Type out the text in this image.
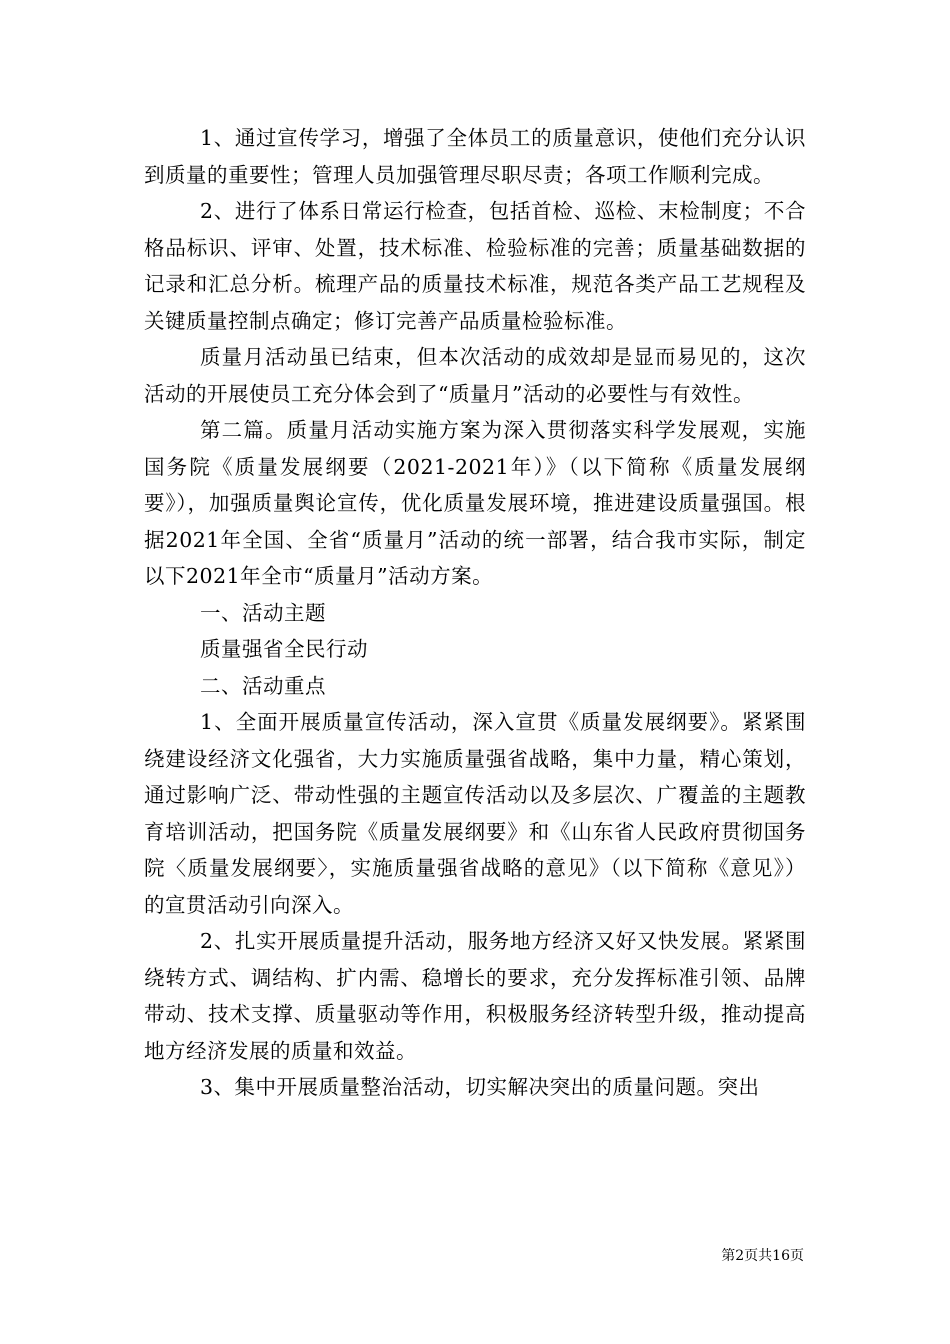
1、通过宣传学习，增强了全体员工的质量意识，使他们充分认识到质量的重要性；管理人员加强管理尽职尽责；各项工作顺利完成。

2、进行了体系日常运行检查，包括首检、巡检、末检制度；不合格品标识、评审、处置，技术标准、检验标准的完善；质量基础数据的记录和汇总分析。梳理产品的质量技术标准，规范各类产品工艺规程及关键质量控制点确定；修订完善产品质量检验标准。

质量月活动虽已结束，但本次活动的成效却是显而易见的，这次活动的开展使员工充分体会到了“质量月”活动的必要性与有效性。

第二篇。质量月活动实施方案为深入贯彻落实科学发展观，实施国务院《质量发展纲要（2021-2021年）》（以下简称《质量发展纲要》），加强质量舆论宣传，优化质量发展环境，推进建设质量强国。根据2021年全国、全省“质量月”活动的统一部署，结合我市实际，制定以下2021年全市“质量月”活动方案。

一、活动主题

质量强省全民行动

二、活动重点

1、全面开展质量宣传活动，深入宣贯《质量发展纲要》。紧紧围绕建设经济文化强省，大力实施质量强省战略，集中力量，精心策划，通过影响广泛、带动性强的主题宣传活动以及多层次、广覆盖的主题教育培训活动，把国务院《质量发展纲要》和《山东省人民政府贯彻国务院〈质量发展纲要〉，实施质量强省战略的意见》（以下简称《意见》）的宣贯活动引向深入。

2、扎实开展质量提升活动，服务地方经济又好又快发展。紧紧围绕转方式、调结构、扩内需、稳增长的要求，充分发挥标准引领、品牌带动、技术支撑、质量驱动等作用，积极服务经济转型升级，推动提高地方经济发展的质量和效益。

3、集中开展质量整治活动，切实解决突出的质量问题。突出

第2页共16页
